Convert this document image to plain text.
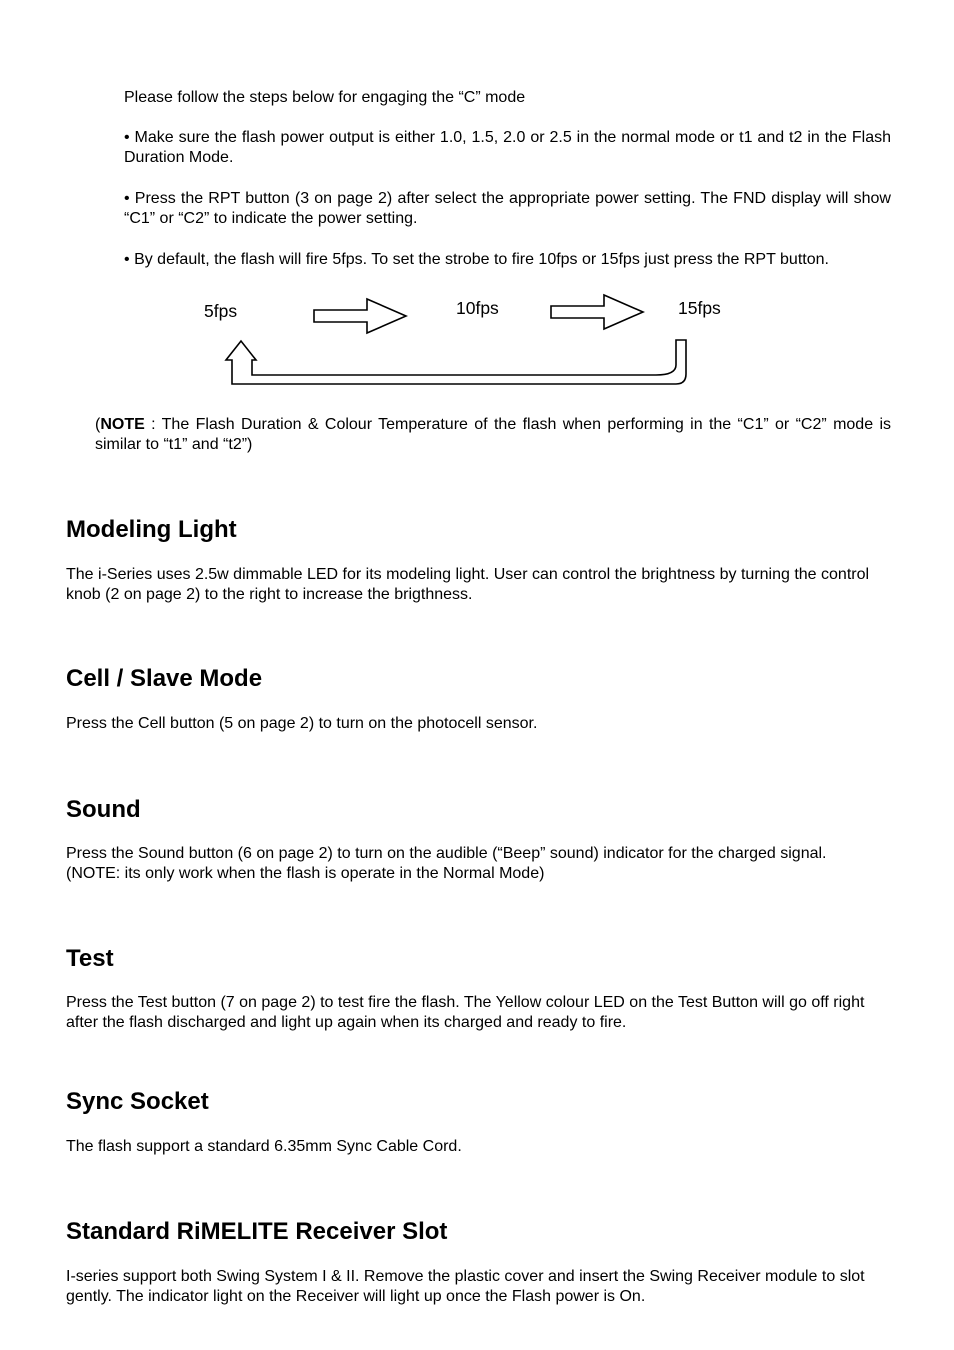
Please follow the steps below for engaging the “C” mode

• Make sure the flash power output is either 1.0, 1.5, 2.0 or 2.5 in the normal mode or t1 and t2 in the Flash Duration Mode.

• Press the RPT button (3 on page 2) after select the appropriate power setting. The FND display will show “C1” or “C2” to indicate the power setting.

• By default, the flash will fire 5fps. To set the strobe to fire 10fps or 15fps just press the RPT button.

5fps	10fps	15fps

(NOTE : The Flash Duration & Colour Temperature of the flash when performing in the “C1” or “C2” mode is similar to “t1” and “t2”)

Modeling Light

The i-Series uses 2.5w dimmable LED for its modeling light. User can control the brightness by turning the control knob (2 on page 2) to the right to increase the brigthness.

Cell / Slave Mode

Press the Cell button (5 on page 2) to turn on the photocell sensor.

Sound

Press the Sound button (6 on page 2) to turn on the audible (“Beep” sound) indicator for the charged signal. (NOTE: its only work when the flash is operate in the Normal Mode)

Test

Press the Test button (7 on page 2) to test fire the flash. The Yellow colour LED on the Test Button will go off right after the flash discharged and light up again when its charged and ready to fire.

Sync Socket

The flash support a standard 6.35mm Sync Cable Cord.

Standard RiMELITE Receiver Slot

I-series support both Swing System I & II. Remove the plastic cover and insert the Swing Receiver module to slot gently. The indicator light on the Receiver will light up once the Flash power is On.
